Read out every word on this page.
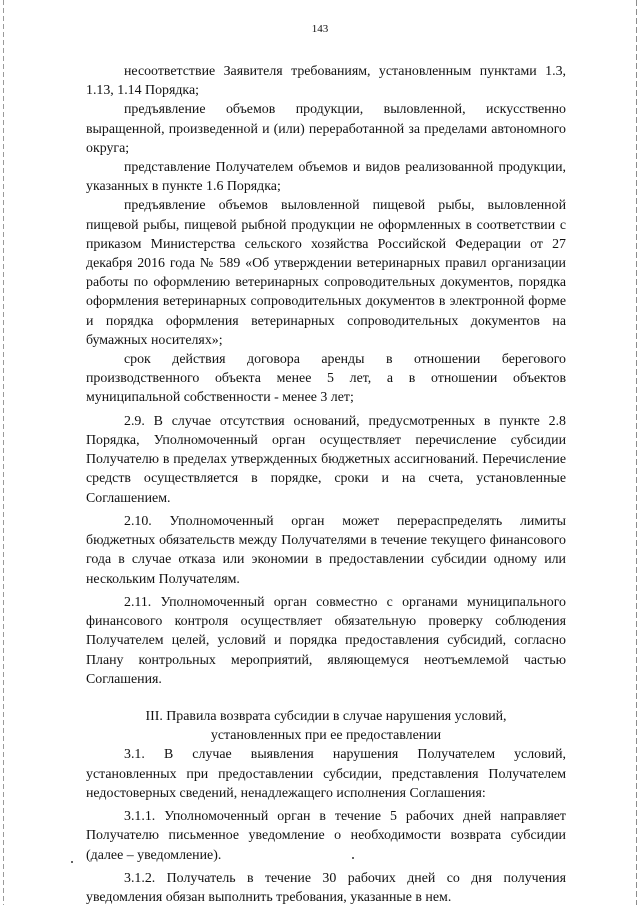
143

несоответствие Заявителя требованиям, установленным пунктами 1.3, 1.13, 1.14 Порядка;

предъявление объемов продукции, выловленной, искусственно выращенной, произведенной и (или) переработанной за пределами автономного округа;

представление Получателем объемов и видов реализованной продукции, указанных в пункте 1.6 Порядка;

предъявление объемов выловленной пищевой рыбы, выловленной пищевой рыбы, пищевой рыбной продукции не оформленных в соответствии с приказом Министерства сельского хозяйства Российской Федерации от 27 декабря 2016 года № 589 «Об утверждении ветеринарных правил организации работы по оформлению ветеринарных сопроводительных документов, порядка оформления ветеринарных сопроводительных документов в электронной форме и порядка оформления ветеринарных сопроводительных документов на бумажных носителях»;

срок действия договора аренды в отношении берегового производственного объекта менее 5 лет, а в отношении объектов муниципальной собственности - менее 3 лет;

2.9. В случае отсутствия оснований, предусмотренных в пункте 2.8 Порядка, Уполномоченный орган осуществляет перечисление субсидии Получателю в пределах утвержденных бюджетных ассигнований. Перечисление средств осуществляется в порядке, сроки и на счета, установленные Соглашением.

2.10. Уполномоченный орган может перераспределять лимиты бюджетных обязательств между Получателями в течение текущего финансового года в случае отказа или экономии в предоставлении субсидии одному или нескольким Получателям.

2.11. Уполномоченный орган совместно с органами муниципального финансового контроля осуществляет обязательную проверку соблюдения Получателем целей, условий и порядка предоставления субсидий, согласно Плану контрольных мероприятий, являющемуся неотъемлемой частью Соглашения.

III. Правила возврата субсидии в случае нарушения условий,
установленных при ее предоставлении

3.1. В случае выявления нарушения Получателем условий, установленных при предоставлении субсидии, представления Получателем недостоверных сведений, ненадлежащего исполнения Соглашения:

3.1.1. Уполномоченный орган в течение 5 рабочих дней направляет Получателю письменное уведомление о необходимости возврата субсидии (далее – уведомление).

3.1.2. Получатель в течение 30 рабочих дней со дня получения уведомления обязан выполнить требования, указанные в нем.
